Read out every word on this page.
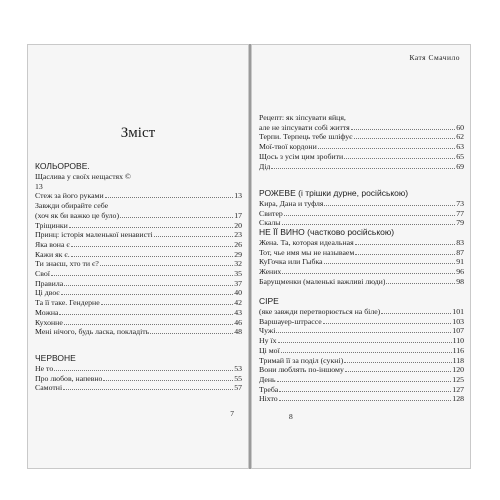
Зміст
КОЛЬОРОВЕ.
Щаслива у своїх нещастях ©
13
Стеж за його руками	13
Завжди обирайте себе
(хоч як би важко це було)	17
Тріщинки	20
Принц: історія маленької ненависті	23
Яка вона є	26
Кажи як є.	29
Ти знаєш, хто ти є?	32
Свої	35
Правила	37
Ці двоє	40
Та її таке. Гендерне	42
Можна	43
Кухонне	46
Мені нічого, будь ласка, покладіть	48
ЧЕРВОНЕ
Не то	53
Про любов, напевно	55
Самотні	57
7
Катя Смачило
Рецепт: як зіпсувати яйця,
але не зіпсувати собі життя	60
Терпи. Терпець тебе шліфує	62
Мої-твої кордони	63
Щось з усім цим зробити	65
Дід	69
РОЖЕВЕ (і трішки дурне, російською)
Кира, Дана и туфля	73
Свитер	77
Скалы	79
НЕ ЇЇ ВИНО (частково російською)
Жена. Та, которая идеальная	83
Тот, чье имя мы не называем	87
КуГочка или Гыбка	91
Жених	96
Барущменки (маленькі важливі люди)	98
СІРЕ
(яке завжди перетворюється на біле)	101
Варшауер-штрассе	103
Чужі	107
Ну їх	110
Ці мої	116
Тримай її за поділ (сукні)	118
Вони люблять по-іншому	120
День	125
Треба	127
Ніхто	128
8
